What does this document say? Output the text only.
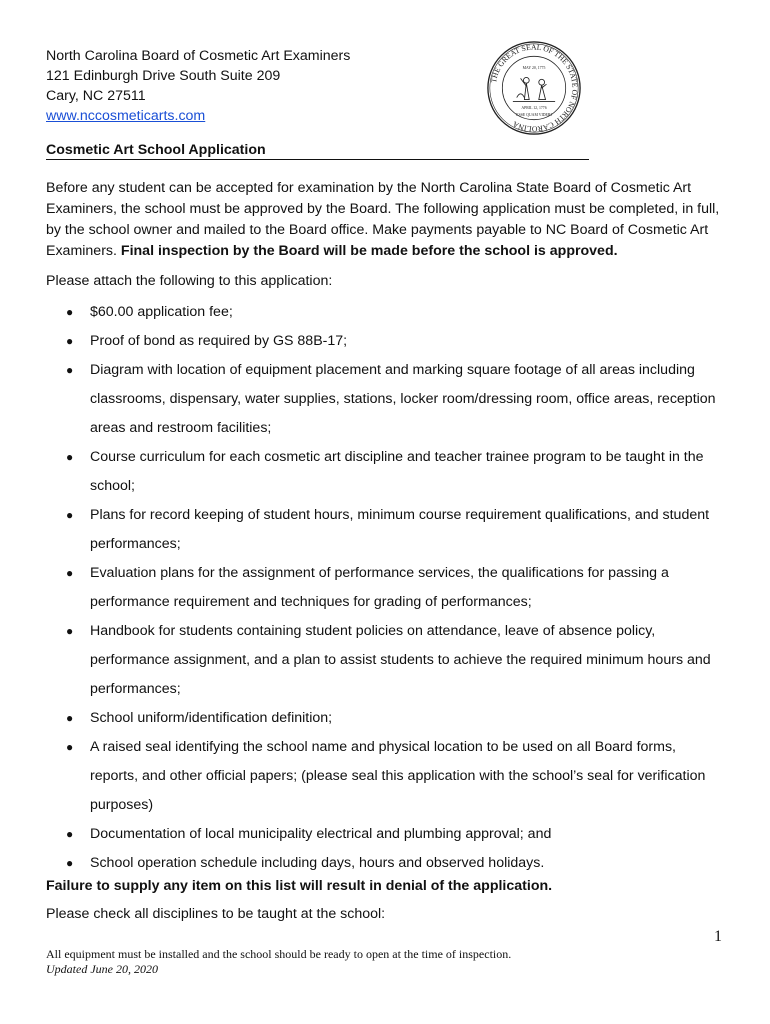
North Carolina Board of Cosmetic Art Examiners
121 Edinburgh Drive South Suite 209
Cary, NC 27511
www.nccosmeticarts.com
THE GREAT SEAL OF THE STATE OF NORTH CAROLINA
MAY 20, 1775
APRIL 12, 1776
ESSE QUAM VIDERI
Cosmetic Art School Application
Before any student can be accepted for examination by the North Carolina State Board of Cosmetic Art Examiners, the school must be approved by the Board. The following application must be completed, in full, by the school owner and mailed to the Board office. Make payments payable to NC Board of Cosmetic Art Examiners. Final inspection by the Board will be made before the school is approved.
Please attach the following to this application:
● $60.00 application fee;
● Proof of bond as required by GS 88B-17;
● Diagram with location of equipment placement and marking square footage of all areas including classrooms, dispensary, water supplies, stations, locker room/dressing room, office areas, reception areas and restroom facilities;
● Course curriculum for each cosmetic art discipline and teacher trainee program to be taught in the school;
● Plans for record keeping of student hours, minimum course requirement qualifications, and student performances;
● Evaluation plans for the assignment of performance services, the qualifications for passing a performance requirement and techniques for grading of performances;
● Handbook for students containing student policies on attendance, leave of absence policy, performance assignment, and a plan to assist students to achieve the required minimum hours and performances;
● School uniform/identification definition;
● A raised seal identifying the school name and physical location to be used on all Board forms, reports, and other official papers; (please seal this application with the school’s seal for verification purposes)
● Documentation of local municipality electrical and plumbing approval; and
● School operation schedule including days, hours and observed holidays.
Failure to supply any item on this list will result in denial of the application.
Please check all disciplines to be taught at the school:
1
All equipment must be installed and the school should be ready to open at the time of inspection.
Updated June 20, 2020
